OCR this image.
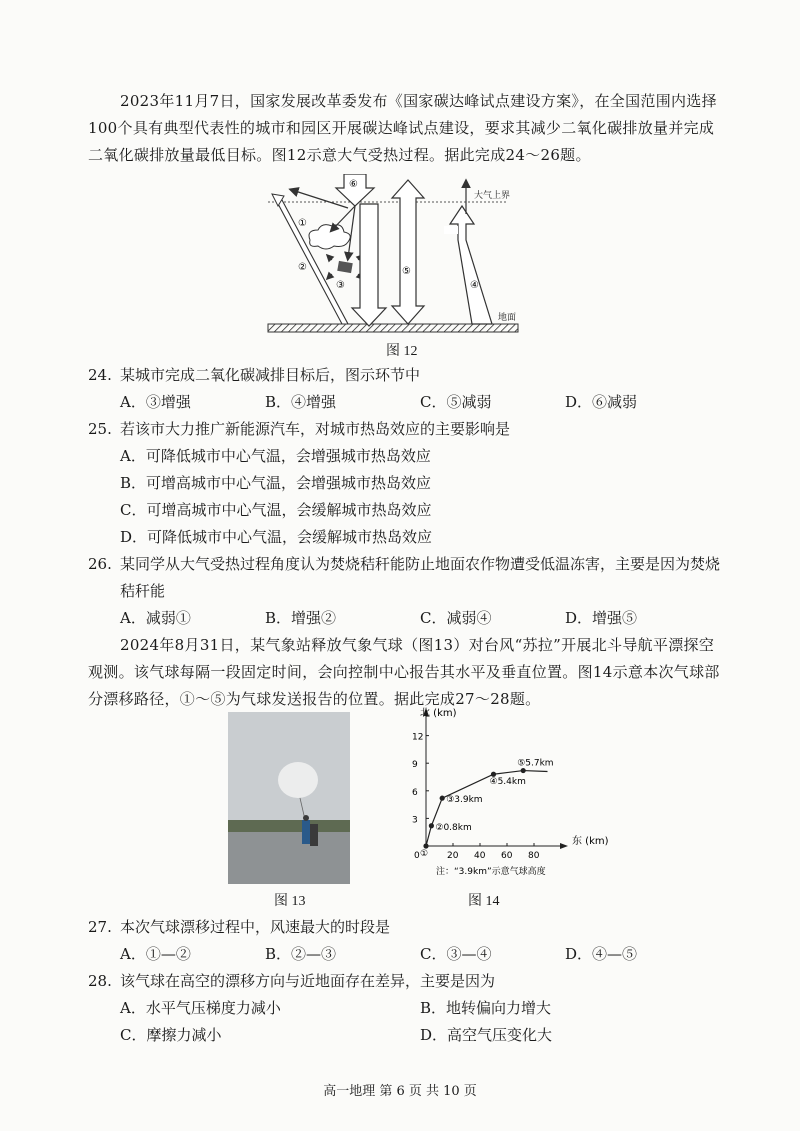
2023年11月7日，国家发展改革委发布《国家碳达峰试点建设方案》，在全国范围内选择100个具有典型代表性的城市和园区开展碳达峰试点建设，要求其减少二氧化碳排放量并完成二氧化碳排放量最低目标。图12示意大气受热过程。据此完成24～26题。
大气上界
地面
⑥
①
②
③
⑤
④
图 12
24. 某城市完成二氧化碳减排目标后，图示环节中
A．③增强	B．④增强	C．⑤减弱	D．⑥减弱
25. 若该市大力推广新能源汽车，对城市热岛效应的主要影响是
A．可降低城市中心气温，会增强城市热岛效应
B．可增高城市中心气温，会增强城市热岛效应
C．可增高城市中心气温，会缓解城市热岛效应
D．可降低城市中心气温，会缓解城市热岛效应
26. 某同学从大气受热过程角度认为焚烧秸秆能防止地面农作物遭受低温冻害，主要是因为焚烧秸秆能
A．减弱①	B．增强②	C．减弱④	D．增强⑤
2024年8月31日，某气象站释放气象气球（图13）对台风“苏拉”开展北斗导航平漂探空观测。该气球每隔一段固定时间，会向控制中心报告其水平及垂直位置。图14示意本次气球部分漂移路径，①～⑤为气球发送报告的位置。据此完成27～28题。
图 13
北 (km)
东 (km)
3
6
9
12
20 40 60 80
0 ①
②0.8km
③3.9km
④5.4km
⑤5.7km
注：“3.9km”示意气球高度
图 14
27. 本次气球漂移过程中，风速最大的时段是
A．①—②	B．②—③	C．③—④	D．④—⑤
28. 该气球在高空的漂移方向与近地面存在差异，主要是因为
A．水平气压梯度力减小	B．地转偏向力增大
C．摩擦力减小	D．高空气压变化大
高一地理 第 6 页 共 10 页
